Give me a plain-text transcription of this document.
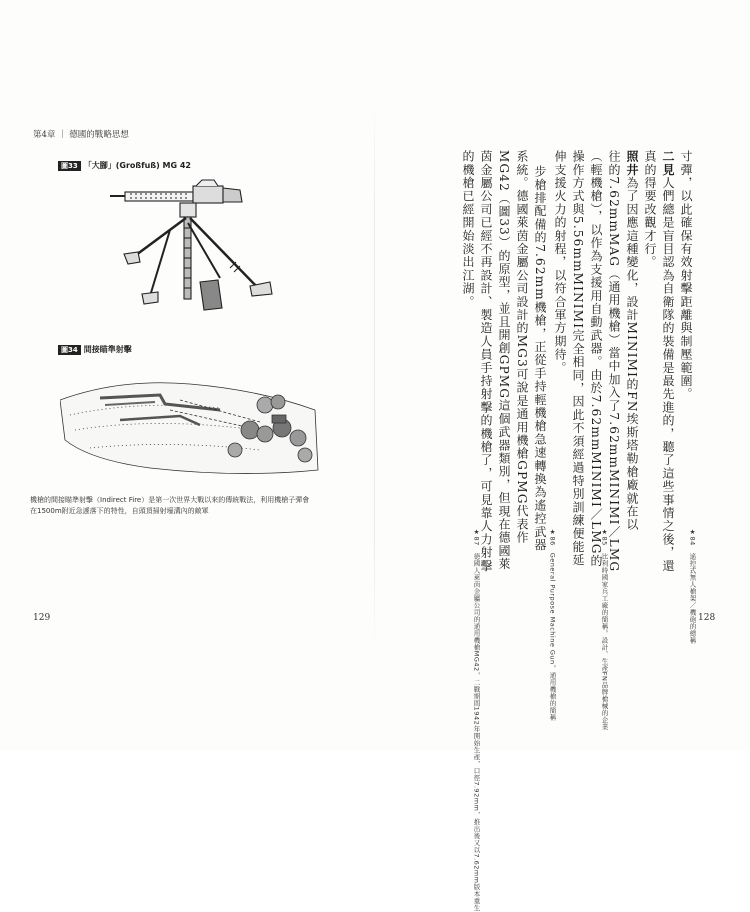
第4章 ｜ 德國的戰略思想
圖33 「大腳」(Großfuß) MG 42
圖34 間接瞄準射擊
機槍的間接瞄準射擊（Indirect Fire）是第一次世界大戰以來的傳統戰法，利用機槍子彈會
在1500m附近急遽落下的特性，自頭頂掃射壕溝內的敵軍
129
寸彈，以此確保有效射擊距離與制壓範圍。
二見人們總是盲目認為自衛隊的裝備是最先進的，聽了這些事情之後，還
真的得要改觀才行。
照井為了因應這種變化，設計MINIMI的FN埃斯塔勒槍廠就在以
往的7.62mmMAG（通用機槍）當中加入了7.62mmMINIMI／LMG
（輕機槍），以作為支援用自動武器。由於7.62mmMINIMI／LMG的
操作方式與5.56mmMINIMI完全相同，因此不須經過特別訓練便能延
伸支援火力的射程，以符合軍方期待。
步槍排配備的7.62mm機槍，正從手持輕機槍急速轉換為遙控武器
系統。德國萊茵金屬公司設計的MG3可說是通用機槍GPMG代表作
MG42（圖33）的原型，並且開創GPMG這個武器類別，但現在德國萊
茵金屬公司已經不再設計、製造人員手持射擊的機槍了，可見靠人力射擊
的機槍已經開始淡出江湖。
★84　遙控式無人槍架／機砲的總稱
★85　比利時國家兵工廠的簡稱。設計、生產FN品牌槍械的企業
★86　General Purpose Machine Gun。通用機槍的簡稱
★87　德國人萊茵金屬公司的通用機槍MG42，二戰期間1942年開始生產，口徑7.92mm，推出後又以7.62mm版本重生	128
